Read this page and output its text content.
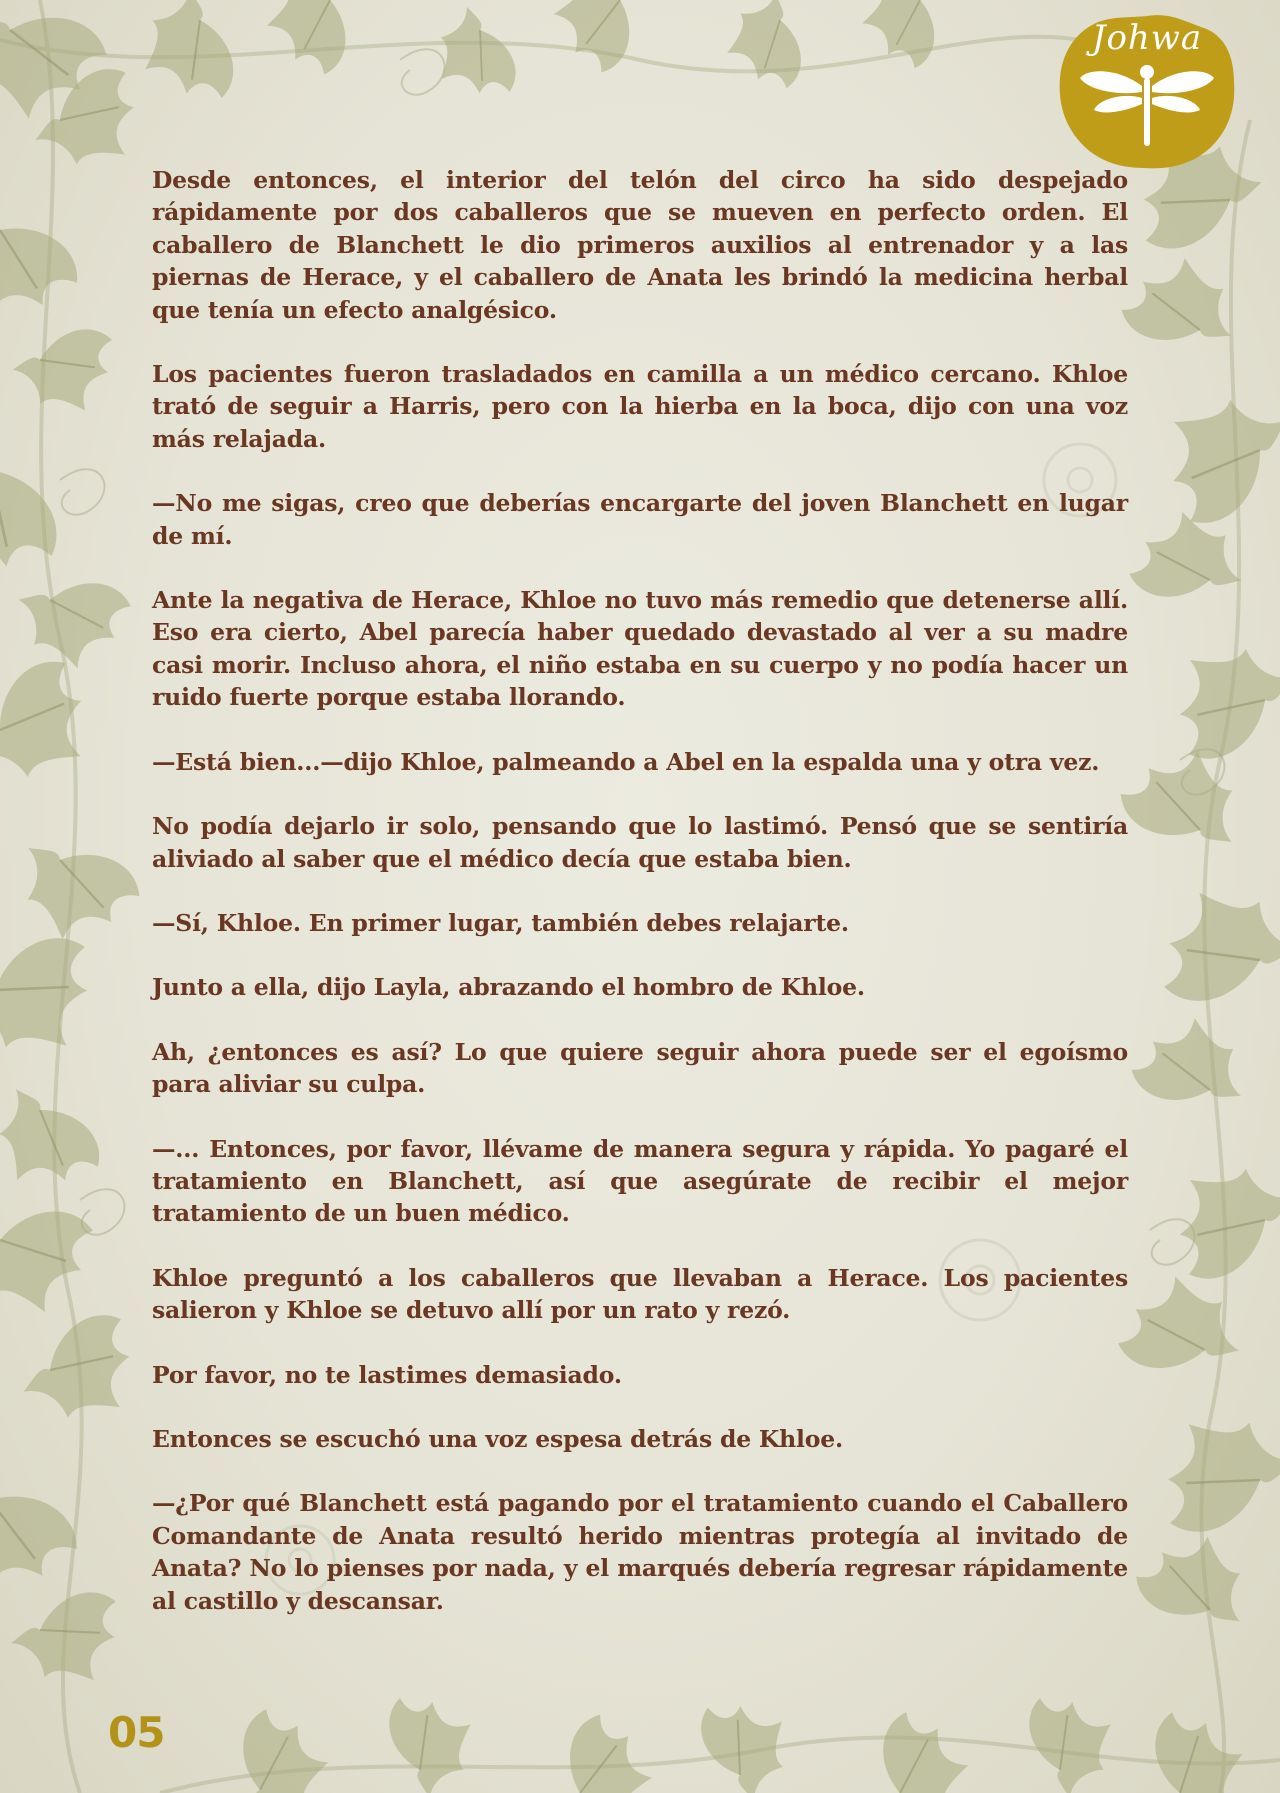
Johwa

Desde entonces, el interior del telón del circo ha sido despejado rápidamente por dos caballeros que se mueven en perfecto orden. El caballero de Blanchett le dio primeros auxilios al entrenador y a las piernas de Herace, y el caballero de Anata les brindó la medicina herbal que tenía un efecto analgésico.

Los pacientes fueron trasladados en camilla a un médico cercano. Khloe trató de seguir a Harris, pero con la hierba en la boca, dijo con una voz más relajada.

—No me sigas, creo que deberías encargarte del joven Blanchett en lugar de mí.

Ante la negativa de Herace, Khloe no tuvo más remedio que detenerse allí. Eso era cierto, Abel parecía haber quedado devastado al ver a su madre casi morir. Incluso ahora, el niño estaba en su cuerpo y no podía hacer un ruido fuerte porque estaba llorando.

—Está bien...—dijo Khloe, palmeando a Abel en la espalda una y otra vez.

No podía dejarlo ir solo, pensando que lo lastimó. Pensó que se sentiría aliviado al saber que el médico decía que estaba bien.

—Sí, Khloe. En primer lugar, también debes relajarte.

Junto a ella, dijo Layla, abrazando el hombro de Khloe.

Ah, ¿entonces es así? Lo que quiere seguir ahora puede ser el egoísmo para aliviar su culpa.

—... Entonces, por favor, llévame de manera segura y rápida. Yo pagaré el tratamiento en Blanchett, así que asegúrate de recibir el mejor tratamiento de un buen médico.

Khloe preguntó a los caballeros que llevaban a Herace. Los pacientes salieron y Khloe se detuvo allí por un rato y rezó.

Por favor, no te lastimes demasiado.

Entonces se escuchó una voz espesa detrás de Khloe.

—¿Por qué Blanchett está pagando por el tratamiento cuando el Caballero Comandante de Anata resultó herido mientras protegía al invitado de Anata? No lo pienses por nada, y el marqués debería regresar rápidamente al castillo y descansar.

05
